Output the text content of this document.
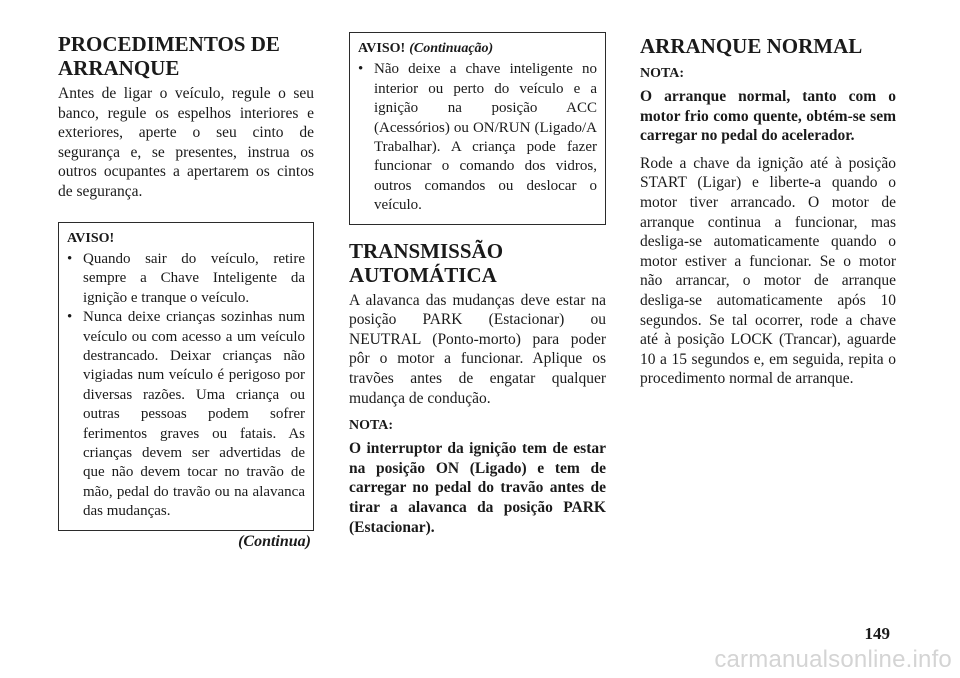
PROCEDIMENTOS DE ARRANQUE

Antes de ligar o veículo, regule o seu banco, regule os espelhos interiores e exteriores, aperte o seu cinto de segurança e, se presentes, instrua os outros ocupantes a apertarem os cintos de segurança.

AVISO!
• Quando sair do veículo, retire sempre a Chave Inteligente da ignição e tranque o veículo.
• Nunca deixe crianças sozinhas num veículo ou com acesso a um veículo destrancado. Deixar crianças não vigiadas num veículo é perigoso por diversas razões. Uma criança ou outras pessoas podem sofrer ferimentos graves ou fatais. As crianças devem ser advertidas de que não devem tocar no travão de mão, pedal do travão ou na alavanca das mudanças.
(Continua)
AVISO! (Continuação)
• Não deixe a chave inteligente no interior ou perto do veículo e a ignição na posição ACC (Acessórios) ou ON/RUN (Ligado/A Trabalhar). A criança pode fazer funcionar o comando dos vidros, outros comandos ou deslocar o veículo.
TRANSMISSÃO AUTOMÁTICA

A alavanca das mudanças deve estar na posição PARK (Estacionar) ou NEUTRAL (Ponto-morto) para poder pôr o motor a funcionar. Aplique os travões antes de engatar qualquer mudança de condução.

NOTA:

O interruptor da ignição tem de estar na posição ON (Ligado) e tem de carregar no pedal do travão antes de tirar a alavanca da posição PARK (Estacionar).

ARRANQUE NORMAL
NOTA:

O arranque normal, tanto com o motor frio como quente, obtém-se sem carregar no pedal do acelerador.

Rode a chave da ignição até à posição START (Ligar) e liberte-a quando o motor tiver arrancado. O motor de arranque continua a funcionar, mas desliga-se automaticamente quando o motor estiver a funcionar. Se o motor não arrancar, o motor de arranque desliga-se automaticamente após 10 segundos. Se tal ocorrer, rode a chave até à posição LOCK (Trancar), aguarde 10 a 15 segundos e, em seguida, repita o procedimento normal de arranque.

149
carmanualsonline.info
